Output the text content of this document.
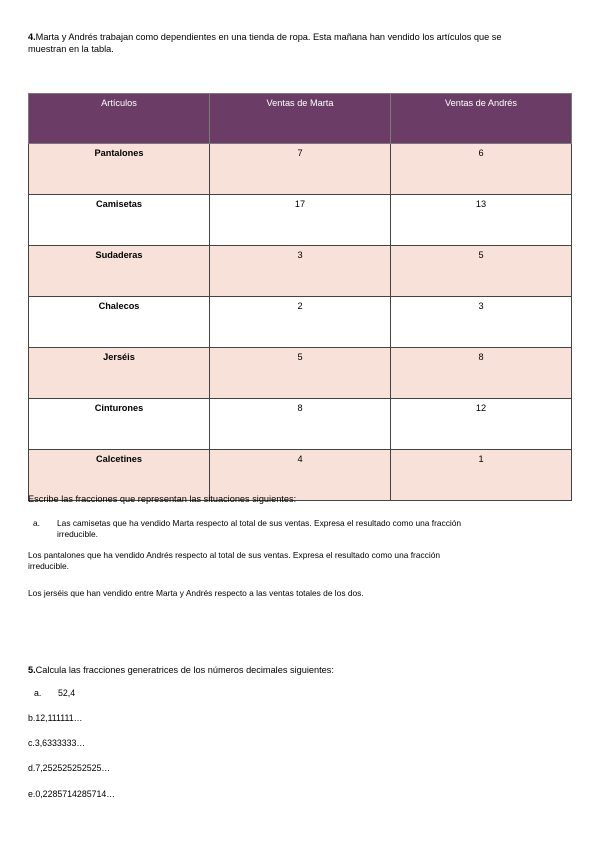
4.Marta y Andrés trabajan como dependientes en una tienda de ropa. Esta mañana han vendido los artículos que se
muestran en la tabla.
Artículos	Ventas de Marta	Ventas de Andrés
Pantalones	7	6
Camisetas	17	13
Sudaderas	3	5
Chalecos	2	3
Jerséis	5	8
Cinturones	8	12
Calcetines	4	1
Escribe las fracciones que representan las situaciones siguientes:
a. Las camisetas que ha vendido Marta respecto al total de sus ventas. Expresa el resultado como una fracción
irreducible.
Los pantalones que ha vendido Andrés respecto al total de sus ventas. Expresa el resultado como una fracción
irreducible.
Los jerséis que han vendido entre Marta y Andrés respecto a las ventas totales de los dos.
5.Calcula las fracciones generatrices de los números decimales siguientes:
a. 52,4
b.12,111111…
c.3,6333333…
d.7,252525252525…
e.0,2285714285714…
